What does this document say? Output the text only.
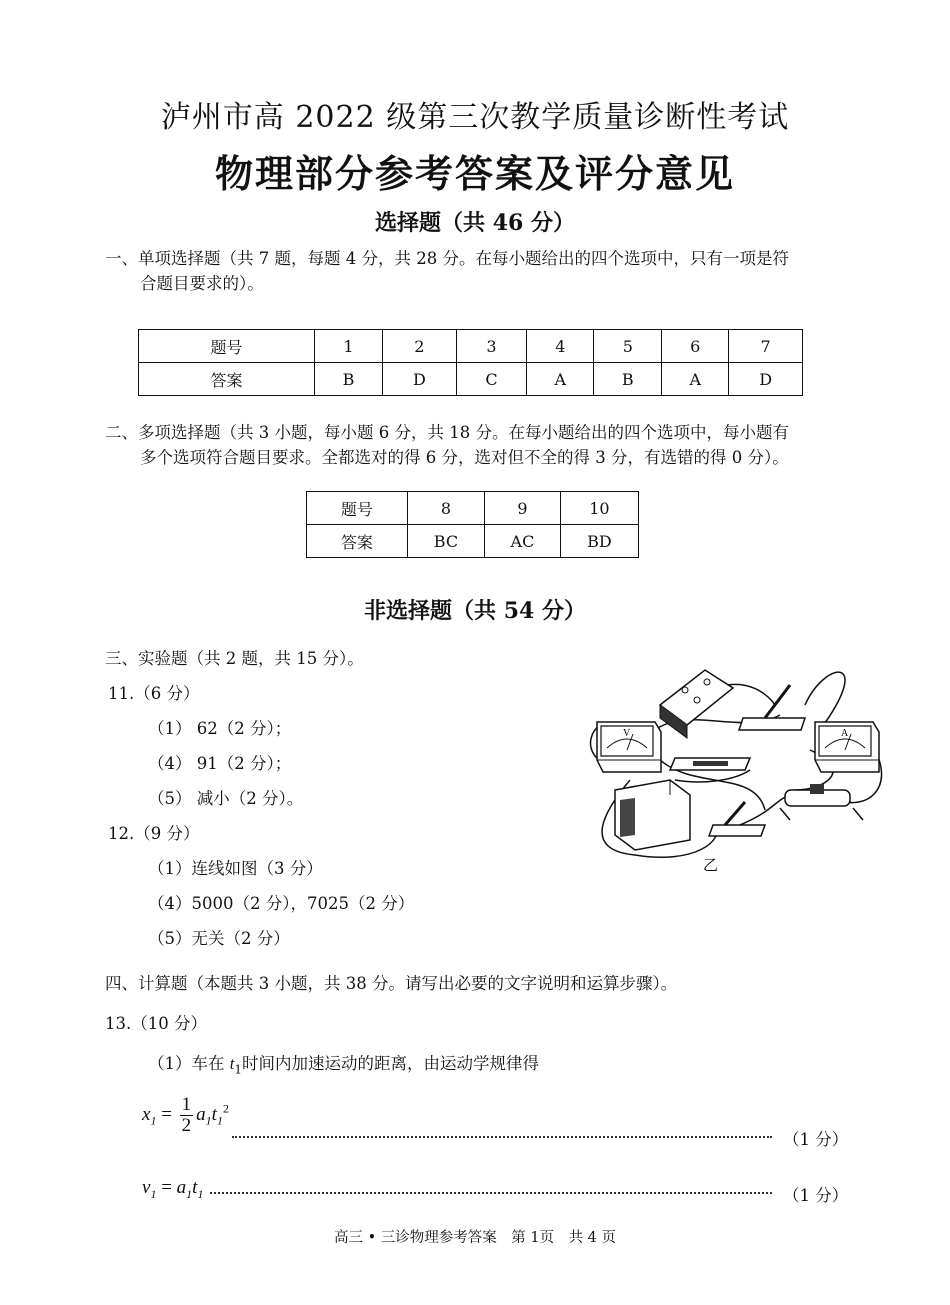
泸州市高 2022 级第三次教学质量诊断性考试
物理部分参考答案及评分意见
选择题（共 46 分）
一、单项选择题（共 7 题，每题 4 分，共 28 分。在每小题给出的四个选项中，只有一项是符
合题目要求的）。
题号	1	2	3	4	5	6	7
答案	B	D	C	A	B	A	D
二、多项选择题（共 3 小题，每小题 6 分，共 18 分。在每小题给出的四个选项中，每小题有
多个选项符合题目要求。全都选对的得 6 分，选对但不全的得 3 分，有选错的得 0 分）。
题号	8	9	10
答案	BC	AC	BD
非选择题（共 54 分）
三、实验题（共 2 题，共 15 分）。
11.（6 分）
（1） 62（2 分）；
（4） 91（2 分）；
（5） 减小（2 分）。
12.（9 分）
（1）连线如图（3 分）
（4）5000（2 分），7025（2 分）
（5）无关（2 分）
V	A
乙
四、计算题（本题共 3 小题，共 38 分。请写出必要的文字说明和运算步骤）。
13.（10 分）
（1）车在 $t_1$时间内加速运动的距离，由运动学规律得
$x_1 = \frac{1}{2} a_1t_1^2$
（1 分）
$v_1 = a_1t_1$	（1 分）
高三 • 三诊物理参考答案　第 1页　共 4 页
